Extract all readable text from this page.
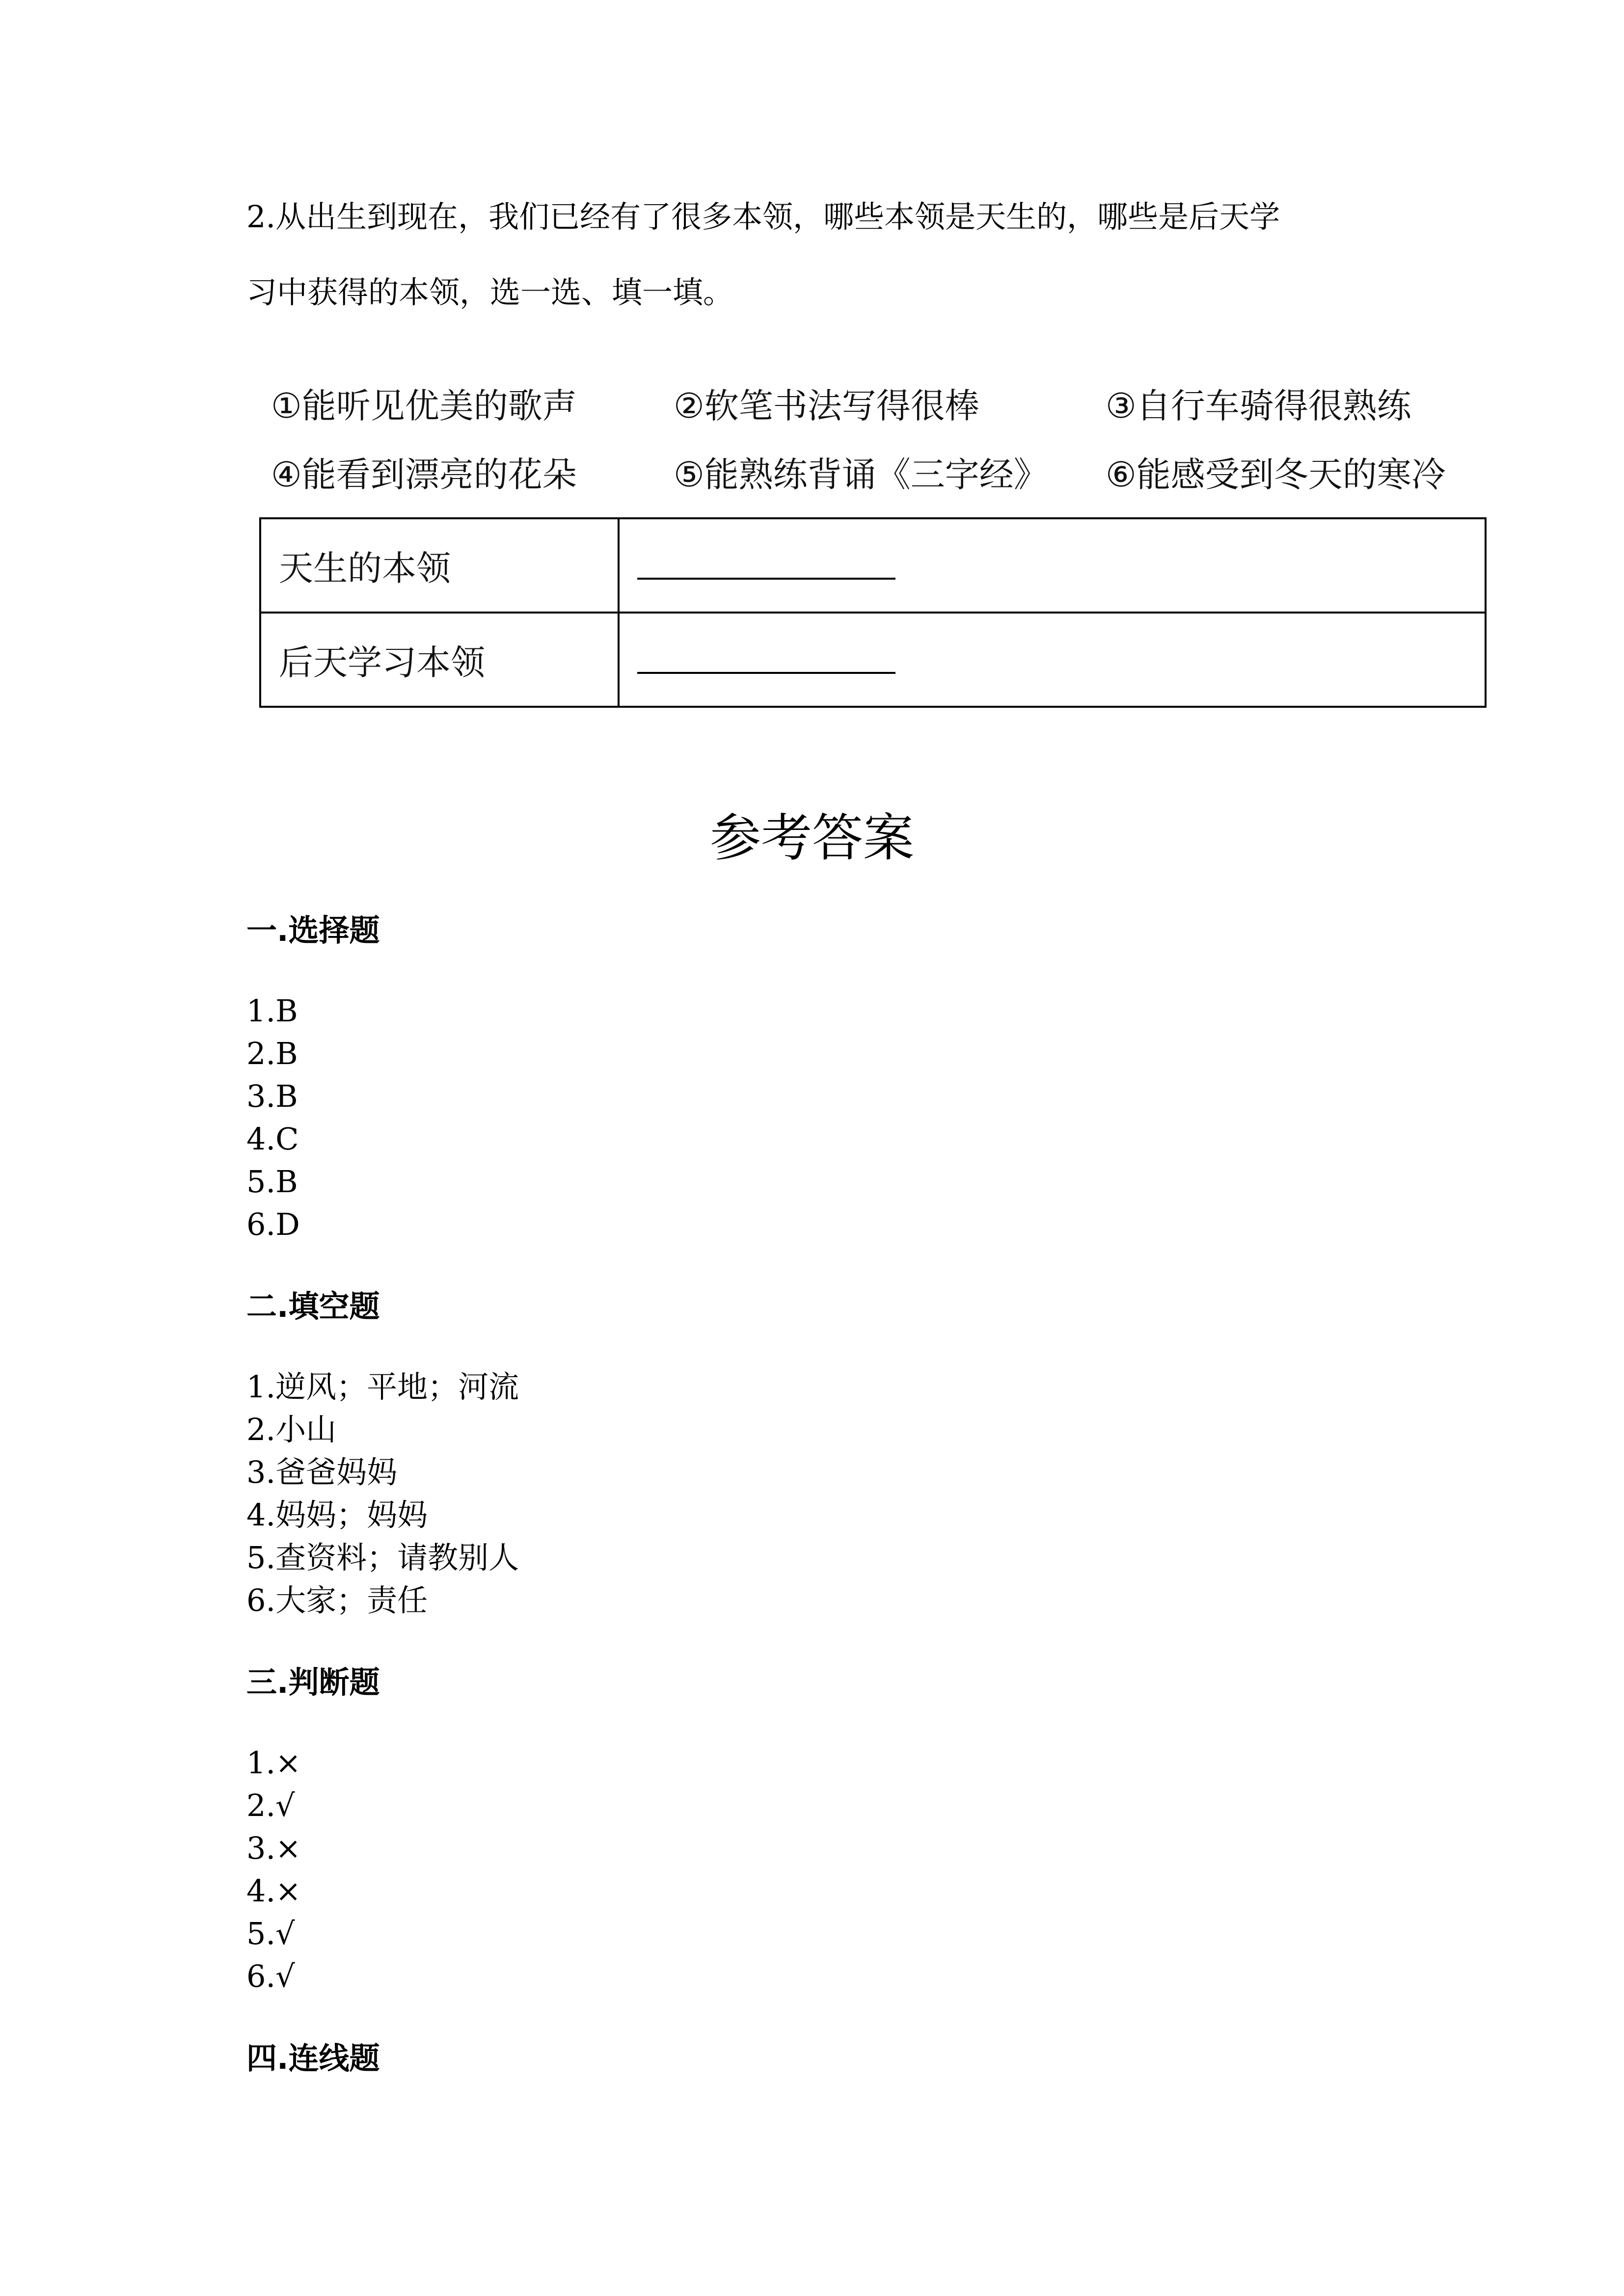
2.从出生到现在，我们已经有了很多本领，哪些本领是天生的，哪些是后天学
习中获得的本领，选一选、填一填。
①能听见优美的歌声	②软笔书法写得很棒	③自行车骑得很熟练
④能看到漂亮的花朵	⑤能熟练背诵《三字经》 ⑥能感受到冬天的寒冷
天生的本领	
后天学习本领	
参考答案
一.选择题
1.B
2.B
3.B
4.C
5.B
6.D
二.填空题
1.逆风；平地；河流
2.小山
3.爸爸妈妈
4.妈妈；妈妈
5.查资料；请教别人
6.大家；责任
三.判断题
1.×
2.√
3.×
4.×
5.√
6.√
四.连线题
